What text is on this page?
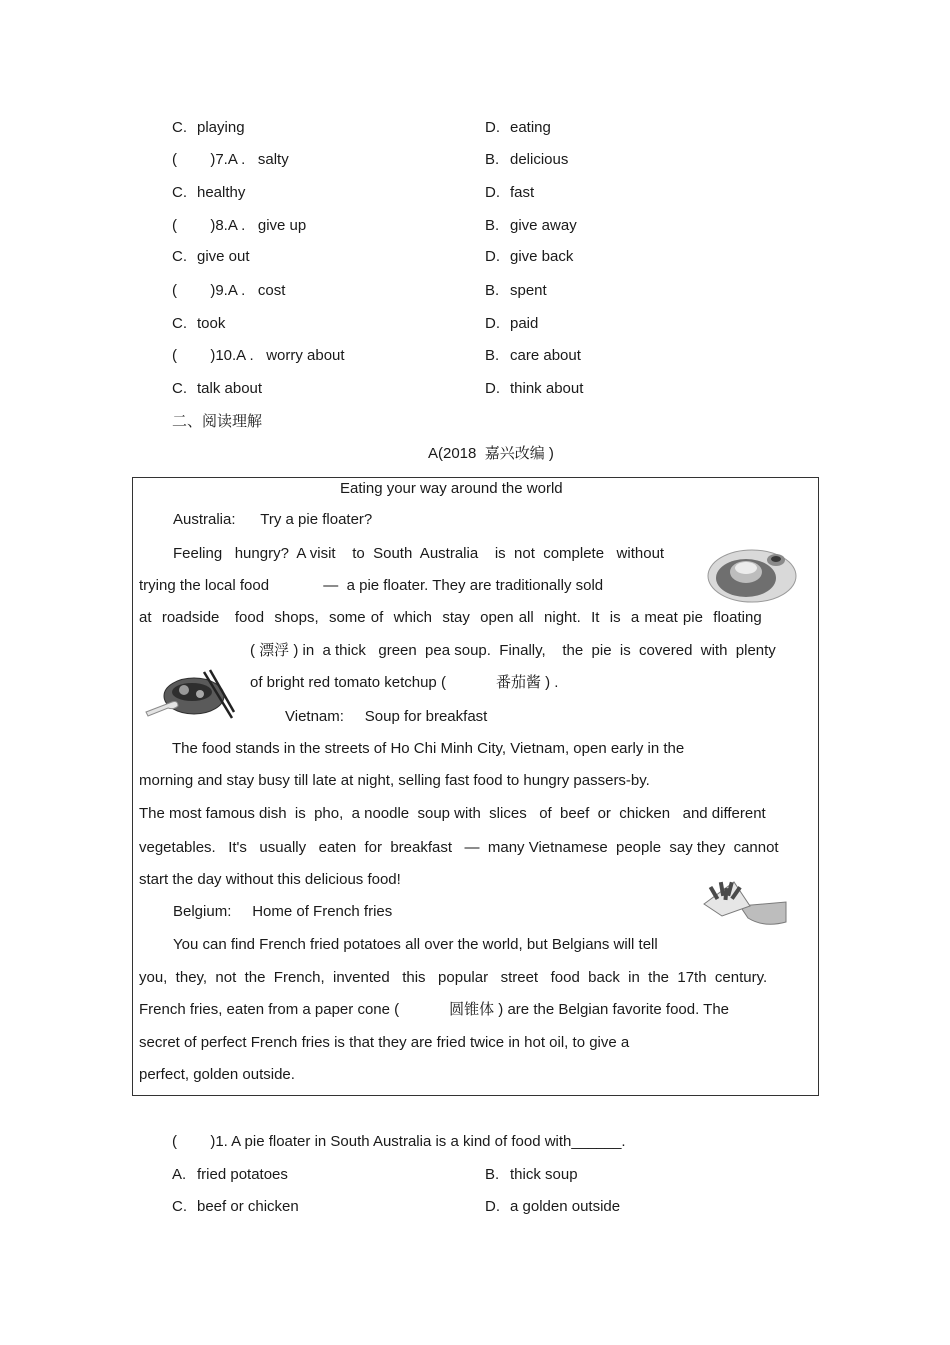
C. playing	D. eating
(        )7.A .   salty	B. delicious
C. healthy	D. fast
(        )8.A .   give up	B. give away
C. give out	D. give back
(        )9.A .   cost	B. spent
C. took	D. paid
(        )10.A .   worry about	B. care about
C. talk about	D. think about
二、阅读理解
A(2018  嘉兴改编 )
Eating your way around the world
Australia:      Try a pie floater?
Feeling   hungry?  A visit    to  South  Australia    is  not  complete   without
trying the local food             —  a pie floater. They are traditionally sold
at  roadside   food  shops,  some of  which  stay  open all  night.  It  is  a meat pie  floating
( 漂浮 ) in  a thick   green  pea soup.  Finally,    the  pie  is  covered  with  plenty
of bright red tomato ketchup (            番茄酱 ) .
Vietnam:     Soup for breakfast
The food stands in the streets of Ho Chi Minh City, Vietnam, open early in the
morning and stay busy till late at night, selling fast food to hungry passers-by.
The most famous dish  is  pho,  a noodle  soup with  slices   of  beef  or  chicken   and different
vegetables.   It's   usually   eaten  for  breakfast   —  many Vietnamese  people  say they  cannot
start the day without this delicious food!
Belgium:     Home of French fries
You can find French fried potatoes all over the world, but Belgians will tell
you,  they,  not  the  French,  invented   this   popular   street   food  back  in  the  17th  century.
French fries, eaten from a paper cone (            圆锥体 ) are the Belgian favorite food. The
secret of perfect French fries is that they are fried twice in hot oil, to give a
perfect, golden outside.
(        )1. A pie floater in South Australia is a kind of food with______.
A. fried potatoes	B. thick soup
C. beef or chicken	D. a golden outside
